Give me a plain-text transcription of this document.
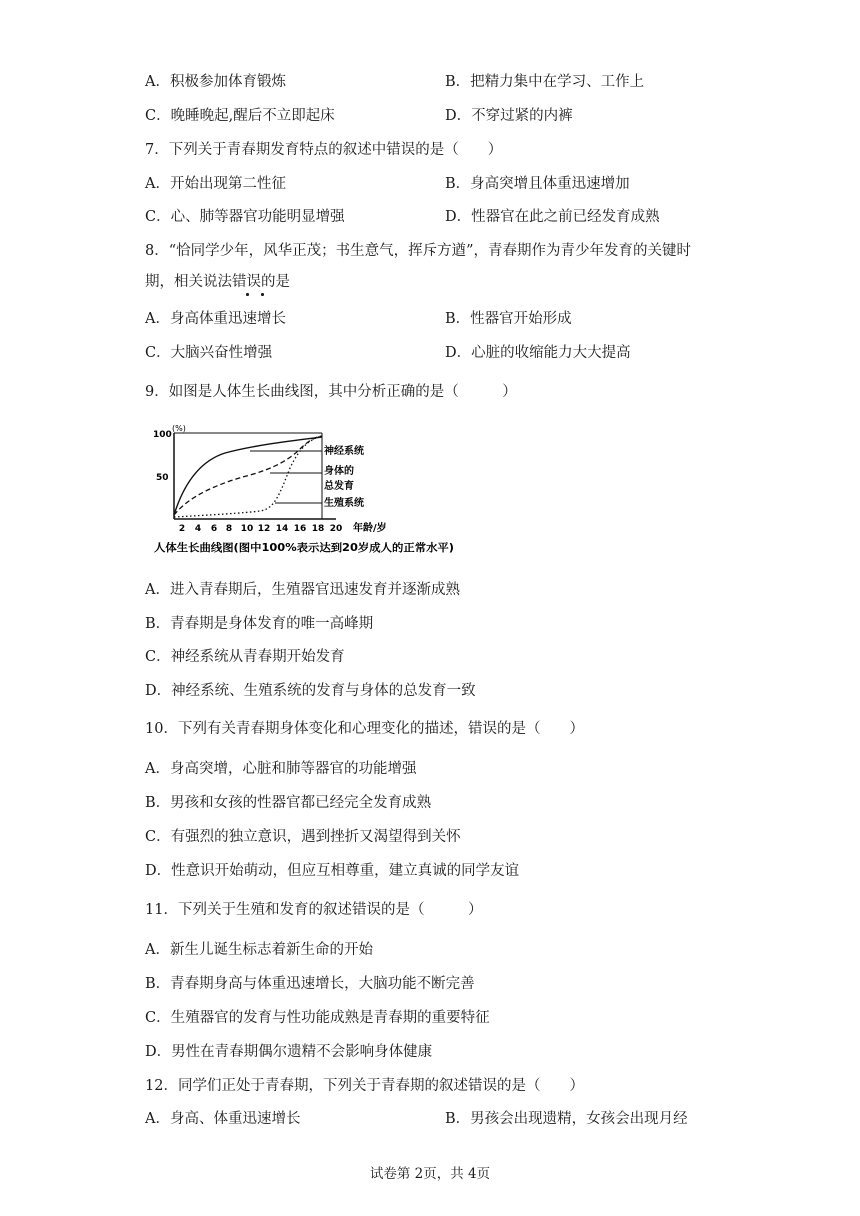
A．积极参加体育锻炼	B．把精力集中在学习、工作上
C．晚睡晚起,醒后不立即起床	D．不穿过紧的内裤
7．下列关于青春期发育特点的叙述中错误的是（　　）
A．开始出现第二性征	B．身高突增且体重迅速增加
C．心、肺等器官功能明显增强	D．性器官在此之前已经发育成熟
8．“恰同学少年，风华正茂；书生意气，挥斥方遒”，青春期作为青少年发育的关键时
期，相关说法错误的是
A．身高体重迅速增长	B．性器官开始形成
C．大脑兴奋性增强	D．心脏的收缩能力大大提高
9．如图是人体生长曲线图，其中分析正确的是（　　　）
100
(%)
50
神经系统
身体的
总发育
生殖系统
2 4 6 8 10 12 14 16 18 20 年龄/岁
人体生长曲线图(图中100%表示达到20岁成人的正常水平)
A．进入青春期后，生殖器官迅速发育并逐渐成熟
B．青春期是身体发育的唯一高峰期
C．神经系统从青春期开始发育
D．神经系统、生殖系统的发育与身体的总发育一致
10．下列有关青春期身体变化和心理变化的描述，错误的是（　　）
A．身高突增，心脏和肺等器官的功能增强
B．男孩和女孩的性器官都已经完全发育成熟
C．有强烈的独立意识，遇到挫折又渴望得到关怀
D．性意识开始萌动，但应互相尊重，建立真诚的同学友谊
11．下列关于生殖和发育的叙述错误的是（　　　）
A．新生儿诞生标志着新生命的开始
B．青春期身高与体重迅速增长，大脑功能不断完善
C．生殖器官的发育与性功能成熟是青春期的重要特征
D．男性在青春期偶尔遗精不会影响身体健康
12．同学们正处于青春期，下列关于青春期的叙述错误的是（　　）
A．身高、体重迅速增长	B．男孩会出现遗精，女孩会出现月经
试卷第 2页，共 4页
